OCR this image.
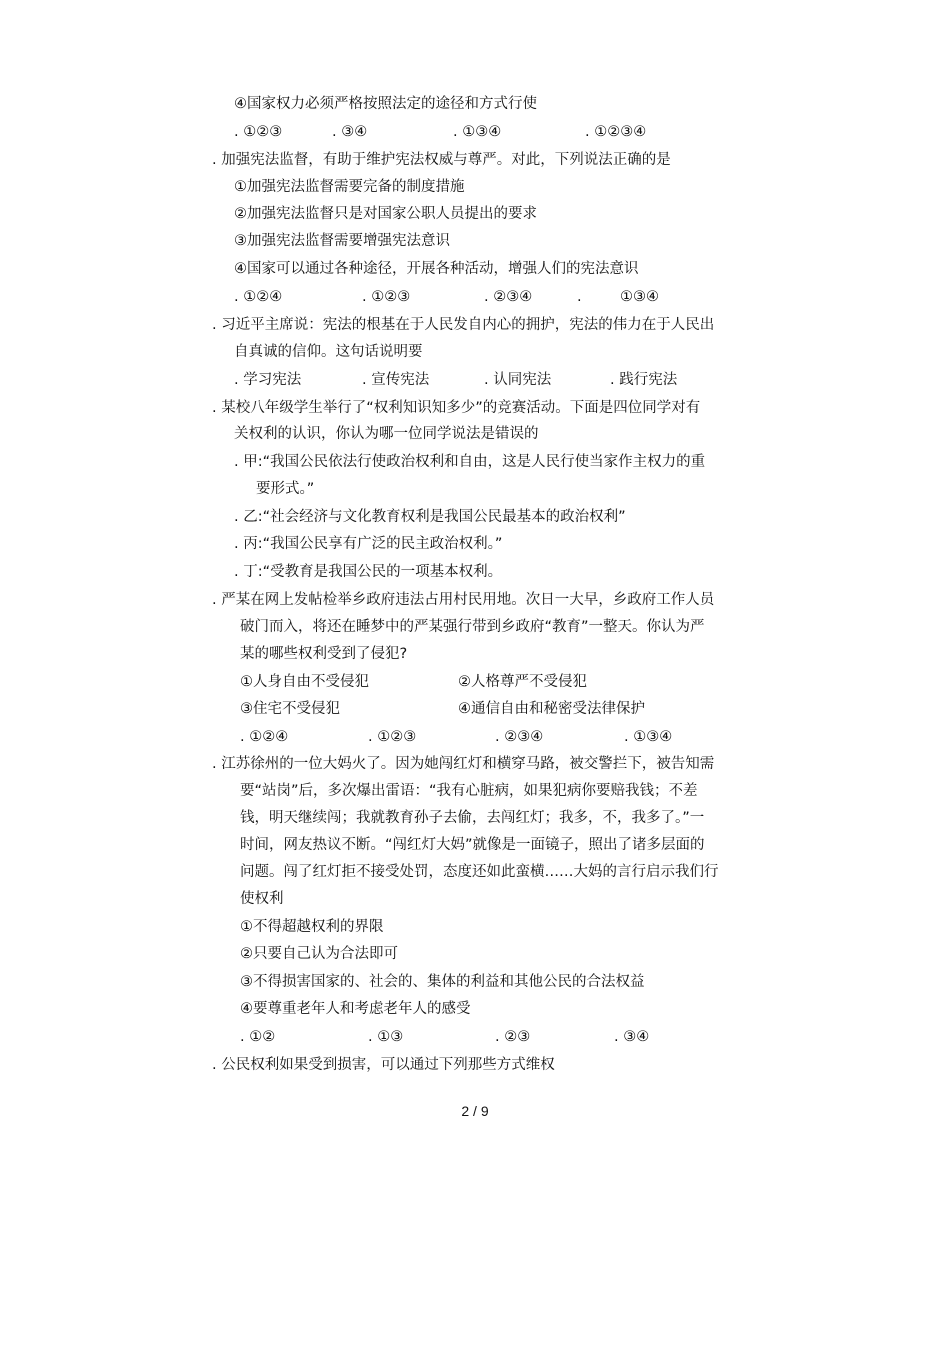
④国家权力必须严格按照法定的途径和方式行使
. ①②③	. ③④	. ①③④	. ①②③④
. 加强宪法监督，有助于维护宪法权威与尊严。对此，下列说法正确的是
①加强宪法监督需要完备的制度措施
②加强宪法监督只是对国家公职人员提出的要求
③加强宪法监督需要增强宪法意识
④国家可以通过各种途径，开展各种活动，增强人们的宪法意识
. ①②④	. ①②③	. ②③④	.	①③④
. 习近平主席说：宪法的根基在于人民发自内心的拥护，宪法的伟力在于人民出
自真诚的信仰。这句话说明要
. 学习宪法	. 宣传宪法	. 认同宪法	. 践行宪法
. 某校八年级学生举行了“权利知识知多少”的竞赛活动。下面是四位同学对有
关权利的认识，你认为哪一位同学说法是错误的
. 甲:“我国公民依法行使政治权利和自由，这是人民行使当家作主权力的重
要形式。”
. 乙:“社会经济与文化教育权利是我国公民最基本的政治权利”
. 丙:“我国公民享有广泛的民主政治权利。”
. 丁:“受教育是我国公民的一项基本权利。
. 严某在网上发帖检举乡政府违法占用村民用地。次日一大早，乡政府工作人员
破门而入，将还在睡梦中的严某强行带到乡政府“教育”一整天。你认为严
某的哪些权利受到了侵犯?
①人身自由不受侵犯	②人格尊严不受侵犯
③住宅不受侵犯	④通信自由和秘密受法律保护
. ①②④	. ①②③	. ②③④	. ①③④
. 江苏徐州的一位大妈火了。因为她闯红灯和横穿马路，被交警拦下，被告知需
要“站岗”后，多次爆出雷语：“我有心脏病，如果犯病你要赔我钱；不差
钱，明天继续闯；我就教育孙子去偷，去闯红灯；我多，不，我多了。”一
时间，网友热议不断。“闯红灯大妈”就像是一面镜子，照出了诸多层面的
问题。闯了红灯拒不接受处罚，态度还如此蛮横……大妈的言行启示我们行
使权利
①不得超越权利的界限
②只要自己认为合法即可
③不得损害国家的、社会的、集体的利益和其他公民的合法权益
④要尊重老年人和考虑老年人的感受
. ①②	. ①③	. ②③	. ③④
. 公民权利如果受到损害，可以通过下列那些方式维权
2 / 9
